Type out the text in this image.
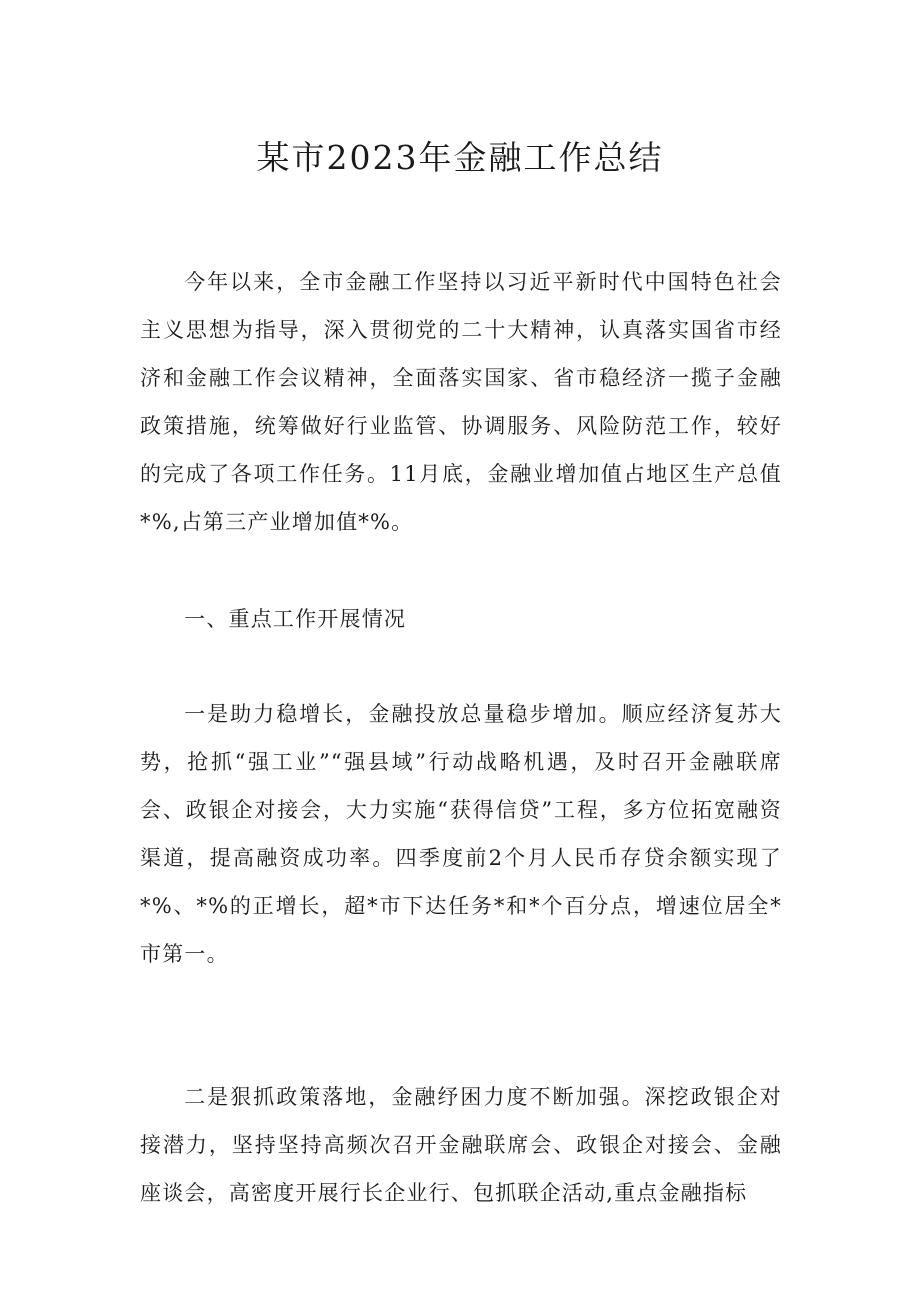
某市2023年金融工作总结

今年以来，全市金融工作坚持以习近平新时代中国特色社会主义思想为指导，深入贯彻党的二十大精神，认真落实国省市经济和金融工作会议精神，全面落实国家、省市稳经济一揽子金融政策措施，统筹做好行业监管、协调服务、风险防范工作，较好的完成了各项工作任务。11月底，金融业增加值占地区生产总值*%,占第三产业增加值*%。

一、重点工作开展情况

一是助力稳增长，金融投放总量稳步增加。顺应经济复苏大势，抢抓“强工业”“强县域”行动战略机遇，及时召开金融联席会、政银企对接会，大力实施“获得信贷”工程，多方位拓宽融资渠道，提高融资成功率。四季度前2个月人民币存贷余额实现了*%、*%的正增长，超*市下达任务*和*个百分点，增速位居全*市第一。

二是狠抓政策落地，金融纾困力度不断加强。深挖政银企对接潜力，坚持坚持高频次召开金融联席会、政银企对接会、金融座谈会，高密度开展行长企业行、包抓联企活动,重点金融指标
